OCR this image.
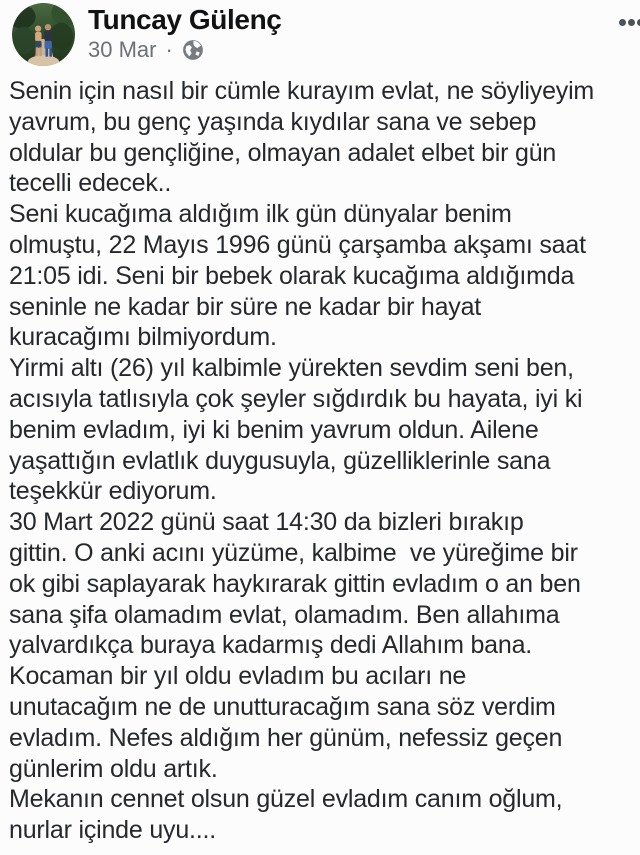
Tuncay Gülenç
30 Mar ·
Senin için nasıl bir cümle kurayım evlat, ne söyliyeyim
yavrum, bu genç yaşında kıydılar sana ve sebep
oldular bu gençliğine, olmayan adalet elbet bir gün
tecelli edecek..
Seni kucağıma aldığım ilk gün dünyalar benim
olmuştu, 22 Mayıs 1996 günü çarşamba akşamı saat
21:05 idi. Seni bir bebek olarak kucağıma aldığımda
seninle ne kadar bir süre ne kadar bir hayat
kuracağımı bilmiyordum.
Yirmi altı (26) yıl kalbimle yürekten sevdim seni ben,
acısıyla tatlısıyla çok şeyler sığdırdık bu hayata, iyi ki
benim evladım, iyi ki benim yavrum oldun. Ailene
yaşattığın evlatlık duygusuyla, güzelliklerinle sana
teşekkür ediyorum.
30 Mart 2022 günü saat 14:30 da bizleri bırakıp
gittin. O anki acını yüzüme, kalbime  ve yüreğime bir
ok gibi saplayarak haykırarak gittin evladım o an ben
sana şifa olamadım evlat, olamadım. Ben allahıma
yalvardıkça buraya kadarmış dedi Allahım bana.
Kocaman bir yıl oldu evladım bu acıları ne
unutacağım ne de unutturacağım sana söz verdim
evladım. Nefes aldığım her günüm, nefessiz geçen
günlerim oldu artık.
Mekanın cennet olsun güzel evladım canım oğlum,
nurlar içinde uyu....
